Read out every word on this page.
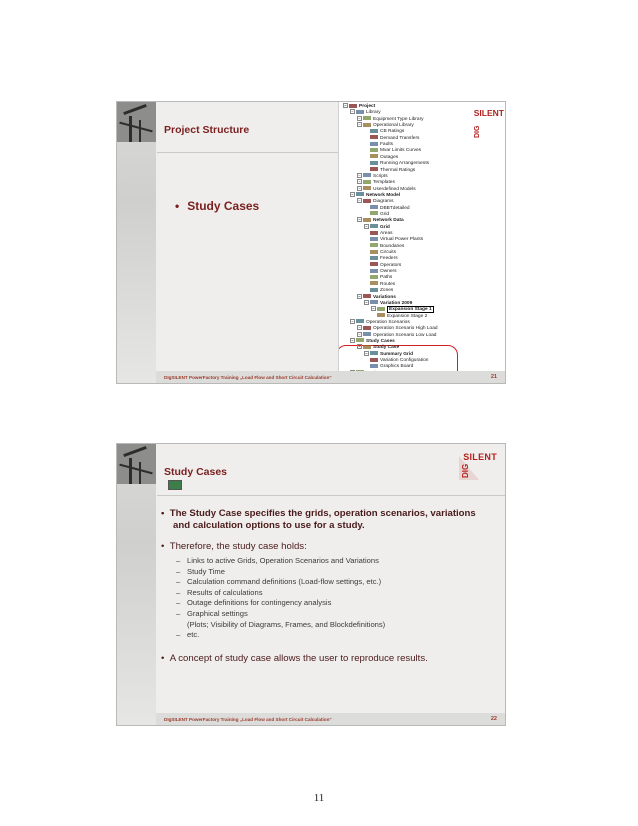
Project Structure
• Study Cases
−	Project
−	Library
−	Equipment Type Library
−	Operational Library
CB Ratings
Demand Transfers
Faults
Mvar Limits Curves
Outages
Running Arrangements
Thermal Ratings
−	Scripts
−	Templates
−	Userdefined Models
−	Network Model
−	Diagrams
DBBTdetailed
Grid
−	Network Data
−	Grid
Areas
Virtual Power Plants
Boundaries
Circuits
Feeders
Operators
Owners
Paths
Routes
Zones
−	Variations
−	Variation 2009
−	Expansion Stage 1
Expansion Stage 2
−	Operation Scenarios
−	Operation Scenario High Load
−	Operation Scenario Low Load
−	Study Cases
−	Study Case
−	Summary Grid
Variation Configuration
Graphics Board
DIgSILENT PowerFactory Training „Load Flow and Short Circuit Calculation“	21
SILENT
DIG
Study Cases
SILENT
DIG
•  The Study Case specifies the grids, operation scenarios, variations and calculation options to use for a study.
•  Therefore, the study case holds:
– Links to active Grids, Operation Scenarios and Variations
– Study Time
– Calculation command definitions (Load-flow settings, etc.)
– Results of calculations
– Outage definitions for contingency analysis
– Graphical settings
(Plots; Visibility of Diagrams, Frames, and Blockdefinitions)
– etc.
•  A concept of study case allows the user to reproduce results.
DIgSILENT PowerFactory Training „Load Flow and Short Circuit Calculation“	22
11
